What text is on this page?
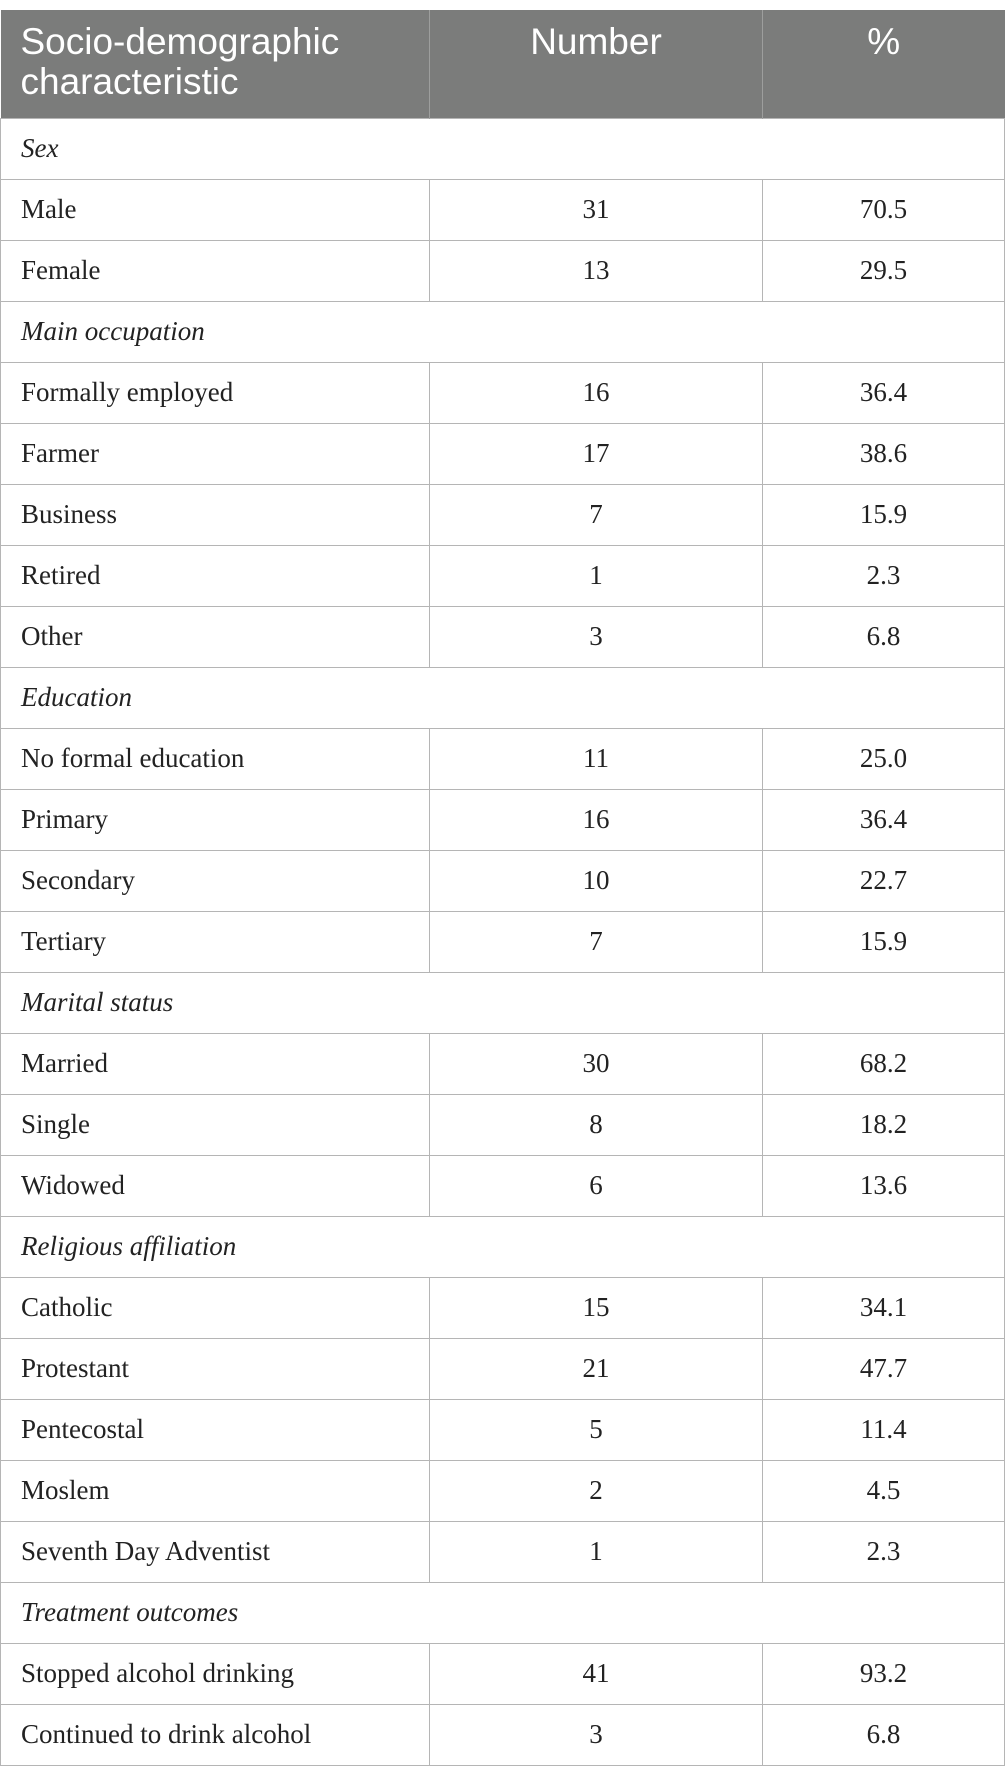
Socio-demographic characteristic	Number	%
Sex		
Male	31	70.5
Female	13	29.5
Main occupation		
Formally employed	16	36.4
Farmer	17	38.6
Business	7	15.9
Retired	1	2.3
Other	3	6.8
Education		
No formal education	11	25.0
Primary	16	36.4
Secondary	10	22.7
Tertiary	7	15.9
Marital status		
Married	30	68.2
Single	8	18.2
Widowed	6	13.6
Religious affiliation		
Catholic	15	34.1
Protestant	21	47.7
Pentecostal	5	11.4
Moslem	2	4.5
Seventh Day Adventist	1	2.3
Treatment outcomes		
Stopped alcohol drinking	41	93.2
Continued to drink alcohol	3	6.8
